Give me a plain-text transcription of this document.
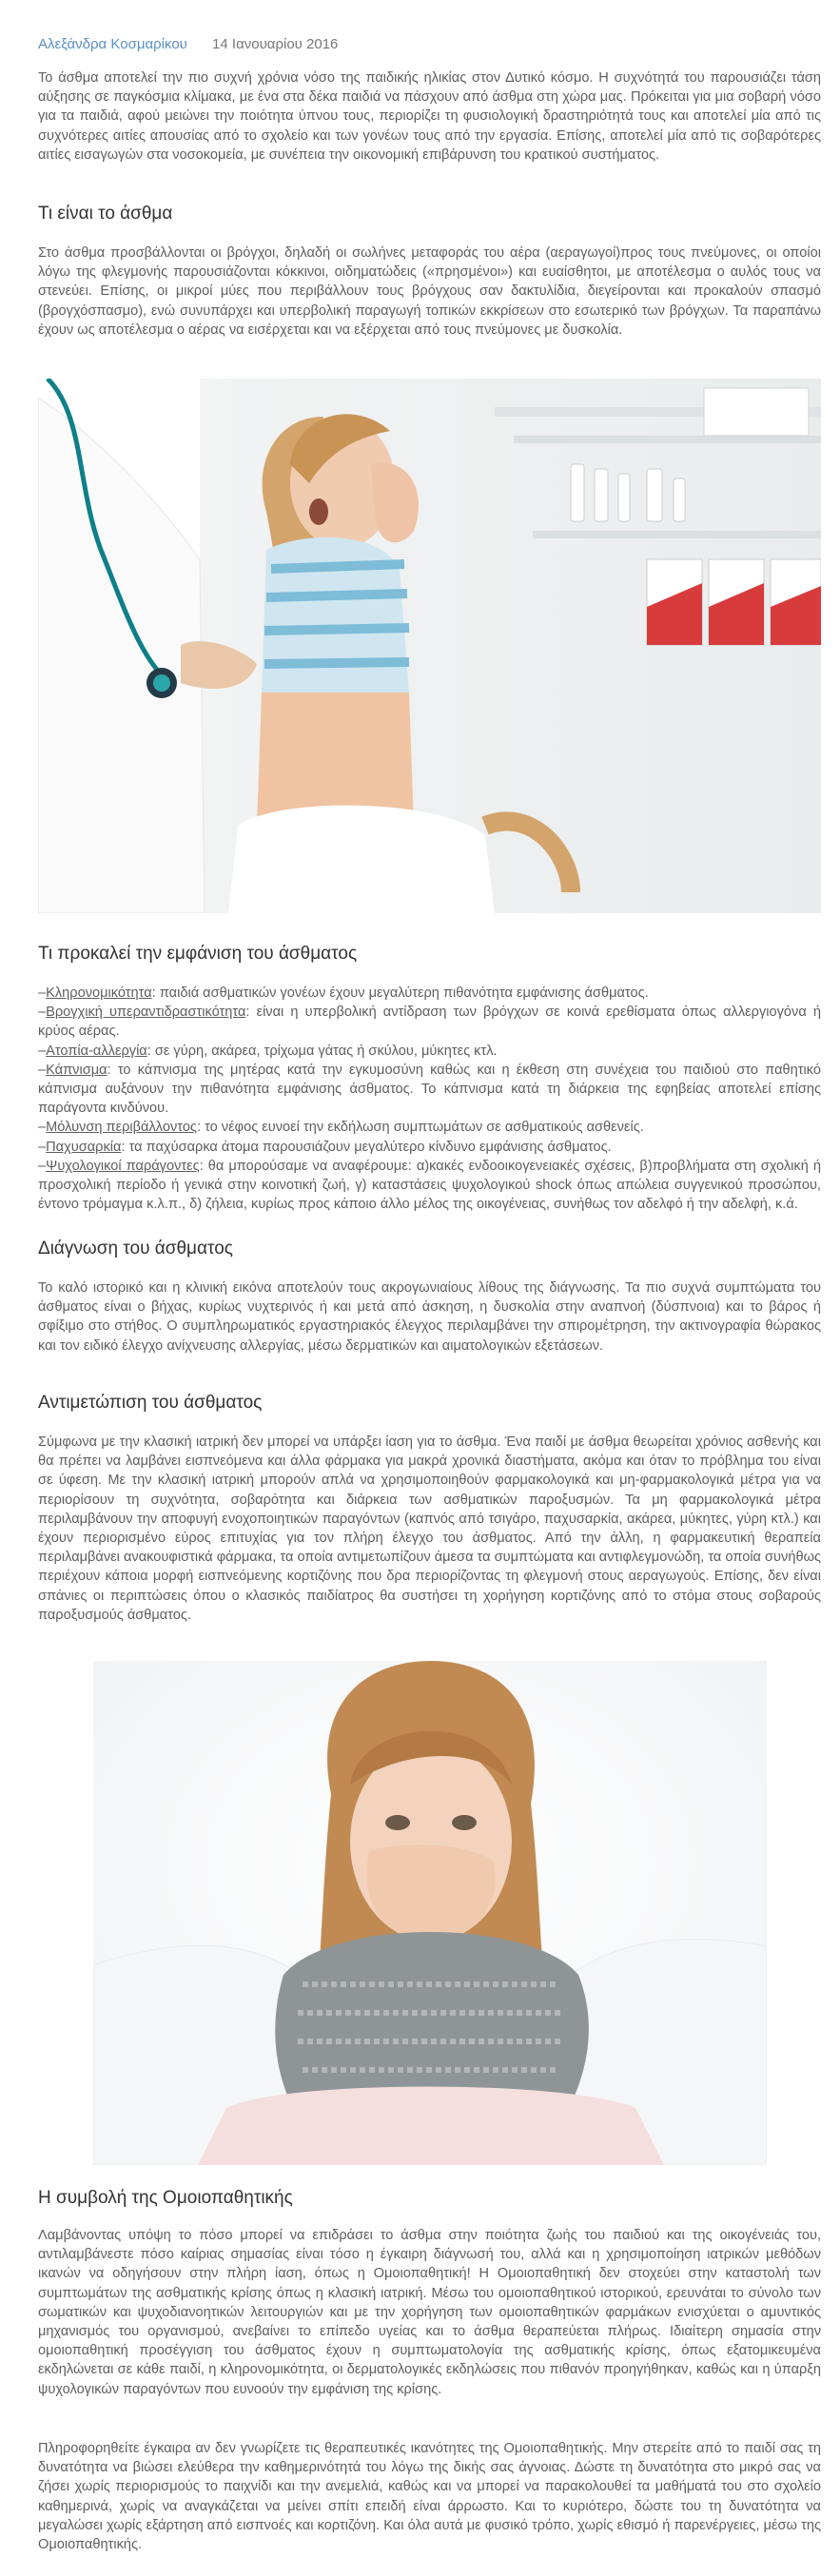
Αλεξάνδρα Κοσμαρίκου 14 Ιανουαρίου 2016

Το άσθμα αποτελεί την πιο συχνή χρόνια νόσο της παιδικής ηλικίας στον Δυτικό κόσμο. Η συχνότητά του παρουσιάζει τάση αύξησης σε παγκόσμια κλίμακα, με ένα στα δέκα παιδιά να πάσχουν από άσθμα στη χώρα μας. Πρόκειται για μια σοβαρή νόσο για τα παιδιά, αφού μειώνει την ποιότητα ύπνου τους, περιορίζει τη φυσιολογική δραστηριότητά τους και αποτελεί μία από τις συχνότερες αιτίες απουσίας από το σχολείο και των γονέων τους από την εργασία. Επίσης, αποτελεί μία από τις σοβαρότερες αιτίες εισαγωγών στα νοσοκομεία, με συνέπεια την οικονομική επιβάρυνση του κρατικού συστήματος.

Τι είναι το άσθμα

Στο άσθμα προσβάλλονται οι βρόγχοι, δηλαδή οι σωλήνες μεταφοράς του αέρα (αεραγωγοί)προς τους πνεύμονες, οι οποίοι λόγω της φλεγμονής παρουσιάζονται κόκκινοι, οιδηματώδεις («πρησμένοι») και ευαίσθητοι, με αποτέλεσμα ο αυλός τους να στενεύει. Επίσης, οι μικροί μύες που περιβάλλουν τους βρόγχους σαν δακτυλίδια, διεγείρονται και προκαλούν σπασμό (βρογχόσπασμο), ενώ συνυπάρχει και υπερβολική παραγωγή τοπικών εκκρίσεων στο εσωτερικό των βρόγχων. Τα παραπάνω έχουν ως αποτέλεσμα ο αέρας να εισέρχεται και να εξέρχεται από τους πνεύμονες με δυσκολία.

Τι προκαλεί την εμφάνιση του άσθματος
–Κληρονομικότητα: παιδιά ασθματικών γονέων έχουν μεγαλύτερη πιθανότητα εμφάνισης άσθματος.
–Βρογχική υπεραντιδραστικότητα: είναι η υπερβολική αντίδραση των βρόγχων σε κοινά ερεθίσματα όπως αλλεργιογόνα ή κρύος αέρας.
–Ατοπία-αλλεργία: σε γύρη, ακάρεα, τρίχωμα γάτας ή σκύλου, μύκητες κτλ.
–Κάπνισμα: το κάπνισμα της μητέρας κατά την εγκυμοσύνη καθώς και η έκθεση στη συνέχεια του παιδιού στο παθητικό κάπνισμα αυξάνουν την πιθανότητα εμφάνισης άσθματος. Το κάπνισμα κατά τη διάρκεια της εφηβείας αποτελεί επίσης παράγοντα κινδύνου.
–Μόλυνση περιβάλλοντος: το νέφος ευνοεί την εκδήλωση συμπτωμάτων σε ασθματικούς ασθενείς.
–Παχυσαρκία: τα παχύσαρκα άτομα παρουσιάζουν μεγαλύτερο κίνδυνο εμφάνισης άσθματος.
–Ψυχολογικοί παράγοντες: θα μπορούσαμε να αναφέρουμε: α)κακές ενδοοικογενειακές σχέσεις, β)προβλήματα στη σχολική ή προσχολική περίοδο ή γενικά στην κοινοτική ζωή, γ) καταστάσεις ψυχολογικού shock όπως απώλεια συγγενικού προσώπου, έντονο τρόμαγμα κ.λ.π., δ) ζήλεια, κυρίως προς κάποιο άλλο μέλος της οικογένειας, συνήθως τον αδελφό ή την αδελφή, κ.ά.
Διάγνωση του άσθματος

Το καλό ιστορικό και η κλινική εικόνα αποτελούν τους ακρογωνιαίους λίθους της διάγνωσης. Τα πιο συχνά συμπτώματα του άσθματος είναι ο βήχας, κυρίως νυχτερινός ή και μετά από άσκηση, η δυσκολία στην αναπνοή (δύσπνοια) και το βάρος ή σφίξιμο στο στήθος. Ο συμπληρωματικός εργαστηριακός έλεγχος περιλαμβάνει την σπιρομέτρηση, την ακτινογραφία θώρακος και τον ειδικό έλεγχο ανίχνευσης αλλεργίας, μέσω δερματικών και αιματολογικών εξετάσεων.

Αντιμετώπιση του άσθματος

Σύμφωνα με την κλασική ιατρική δεν μπορεί να υπάρξει ίαση για το άσθμα. Ένα παιδί με άσθμα θεωρείται χρόνιος ασθενής και θα πρέπει να λαμβάνει εισπνεόμενα και άλλα φάρμακα για μακρά χρονικά διαστήματα, ακόμα και όταν το πρόβλημα του είναι σε ύφεση. Με την κλασική ιατρική μπορούν απλά να χρησιμοποιηθούν φαρμακολογικά και μη-φαρμακολογικά μέτρα για να περιορίσουν τη συχνότητα, σοβαρότητα και διάρκεια των ασθματικών παροξυσμών. Τα μη φαρμακολογικά μέτρα περιλαμβάνουν την αποφυγή ενοχοποιητικών παραγόντων (καπνός από τσιγάρο, παχυσαρκία, ακάρεα, μύκητες, γύρη κτλ.) και έχουν περιορισμένο εύρος επιτυχίας για τον πλήρη έλεγχο του άσθματος. Από την άλλη, η φαρμακευτική θεραπεία περιλαμβάνει ανακουφιστικά φάρμακα, τα οποία αντιμετωπίζουν άμεσα τα συμπτώματα και αντιφλεγμονώδη, τα οποία συνήθως περιέχουν κάποια μορφή εισπνεόμενης κορτιζόνης που δρα περιορίζοντας τη φλεγμονή στους αεραγωγούς. Επίσης, δεν είναι σπάνιες οι περιπτώσεις όπου ο κλασικός παιδίατρος θα συστήσει τη χορήγηση κορτιζόνης από το στόμα στους σοβαρούς παροξυσμούς άσθματος.

Η συμβολή της Ομοιοπαθητικής

Λαμβάνοντας υπόψη το πόσο μπορεί να επιδράσει το άσθμα στην ποιότητα ζωής του παιδιού και της οικογένειάς του, αντιλαμβάνεστε πόσο καίριας σημασίας είναι τόσο η έγκαιρη διάγνωσή του, αλλά και η χρησιμοποίηση ιατρικών μεθόδων ικανών να οδηγήσουν στην πλήρη ίαση, όπως η Ομοιοπαθητική! Η Ομοιοπαθητική δεν στοχεύει στην καταστολή των συμπτωμάτων της ασθματικής κρίσης όπως η κλασική ιατρική. Μέσω του ομοιοπαθητικού ιστορικού, ερευνάται το σύνολο των σωματικών και ψυχοδιανοητικών λειτουργιών και με την χορήγηση των ομοιοπαθητικών φαρμάκων ενισχύεται ο αμυντικός μηχανισμός του οργανισμού, ανεβαίνει το επίπεδο υγείας και το άσθμα θεραπεύεται πλήρως. Ιδιαίτερη σημασία στην ομοιοπαθητική προσέγγιση του άσθματος έχουν η συμπτωματολογία της ασθματικής κρίσης, όπως εξατομικευμένα εκδηλώνεται σε κάθε παιδί, η κληρονομικότητα, οι δερματολογικές εκδηλώσεις που πιθανόν προηγήθηκαν, καθώς και η ύπαρξη ψυχολογικών παραγόντων που ευνοούν την εμφάνιση της κρίσης.

Πληροφορηθείτε έγκαιρα αν δεν γνωρίζετε τις θεραπευτικές ικανότητες της Ομοιοπαθητικής. Μην στερείτε από το παιδί σας τη δυνατότητα να βιώσει ελεύθερα την καθημερινότητά του λόγω της δικής σας άγνοιας. Δώστε τη δυνατότητα στο μικρό σας να ζήσει χωρίς περιορισμούς το παιχνίδι και την ανεμελιά, καθώς και να μπορεί να παρακολουθεί τα μαθήματά του στο σχολείο καθημερινά, χωρίς να αναγκάζεται να μείνει σπίτι επειδή είναι άρρωστο. Και το κυριότερο, δώστε του τη δυνατότητα να μεγαλώσει χωρίς εξάρτηση από εισπνοές και κορτιζόνη. Και όλα αυτά με φυσικό τρόπο, χωρίς εθισμό ή παρενέργειες, μέσω της Ομοιοπαθητικής.
